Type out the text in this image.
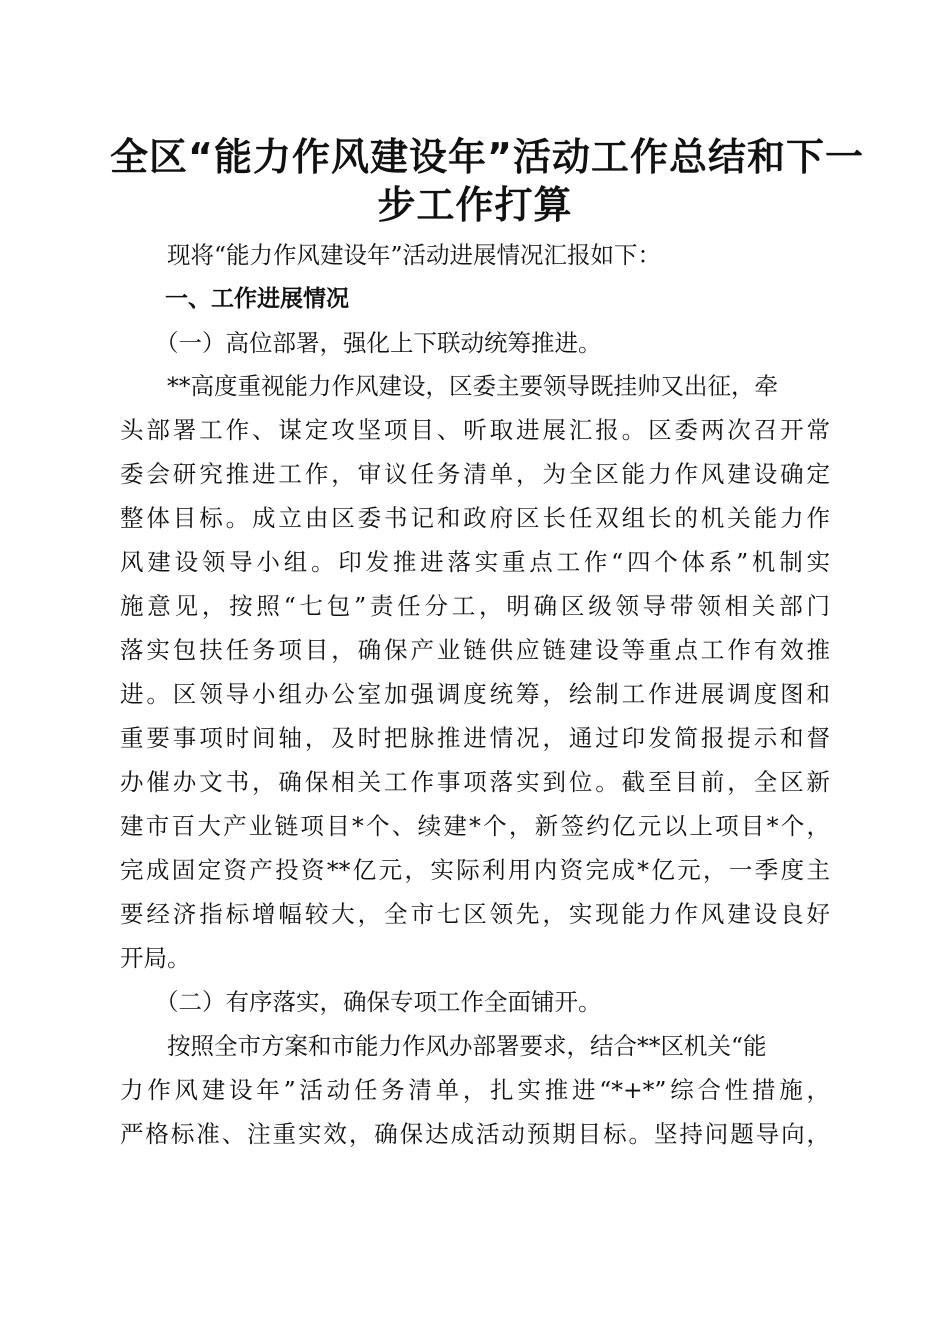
全区“能力作风建设年”活动工作总结和下一
步工作打算
现将“能力作风建设年”活动进展情况汇报如下：
一、工作进展情况
（一）高位部署，强化上下联动统筹推进。
**高度重视能力作风建设，区委主要领导既挂帅又出征，牵
头部署工作、谋定攻坚项目、听取进展汇报。区委两次召开常
委会研究推进工作，审议任务清单，为全区能力作风建设确定
整体目标。成立由区委书记和政府区长任双组长的机关能力作
风建设领导小组。印发推进落实重点工作“四个体系”机制实
施意见，按照“七包”责任分工，明确区级领导带领相关部门
落实包扶任务项目，确保产业链供应链建设等重点工作有效推
进。区领导小组办公室加强调度统筹，绘制工作进展调度图和
重要事项时间轴，及时把脉推进情况，通过印发简报提示和督
办催办文书，确保相关工作事项落实到位。截至目前，全区新
建市百大产业链项目*个、续建*个，新签约亿元以上项目*个，
完成固定资产投资**亿元，实际利用内资完成*亿元，一季度主
要经济指标增幅较大，全市七区领先，实现能力作风建设良好
开局。
（二）有序落实，确保专项工作全面铺开。
按照全市方案和市能力作风办部署要求，结合**区机关“能
力作风建设年”活动任务清单，扎实推进“*+*”综合性措施，
严格标准、注重实效，确保达成活动预期目标。坚持问题导向，
